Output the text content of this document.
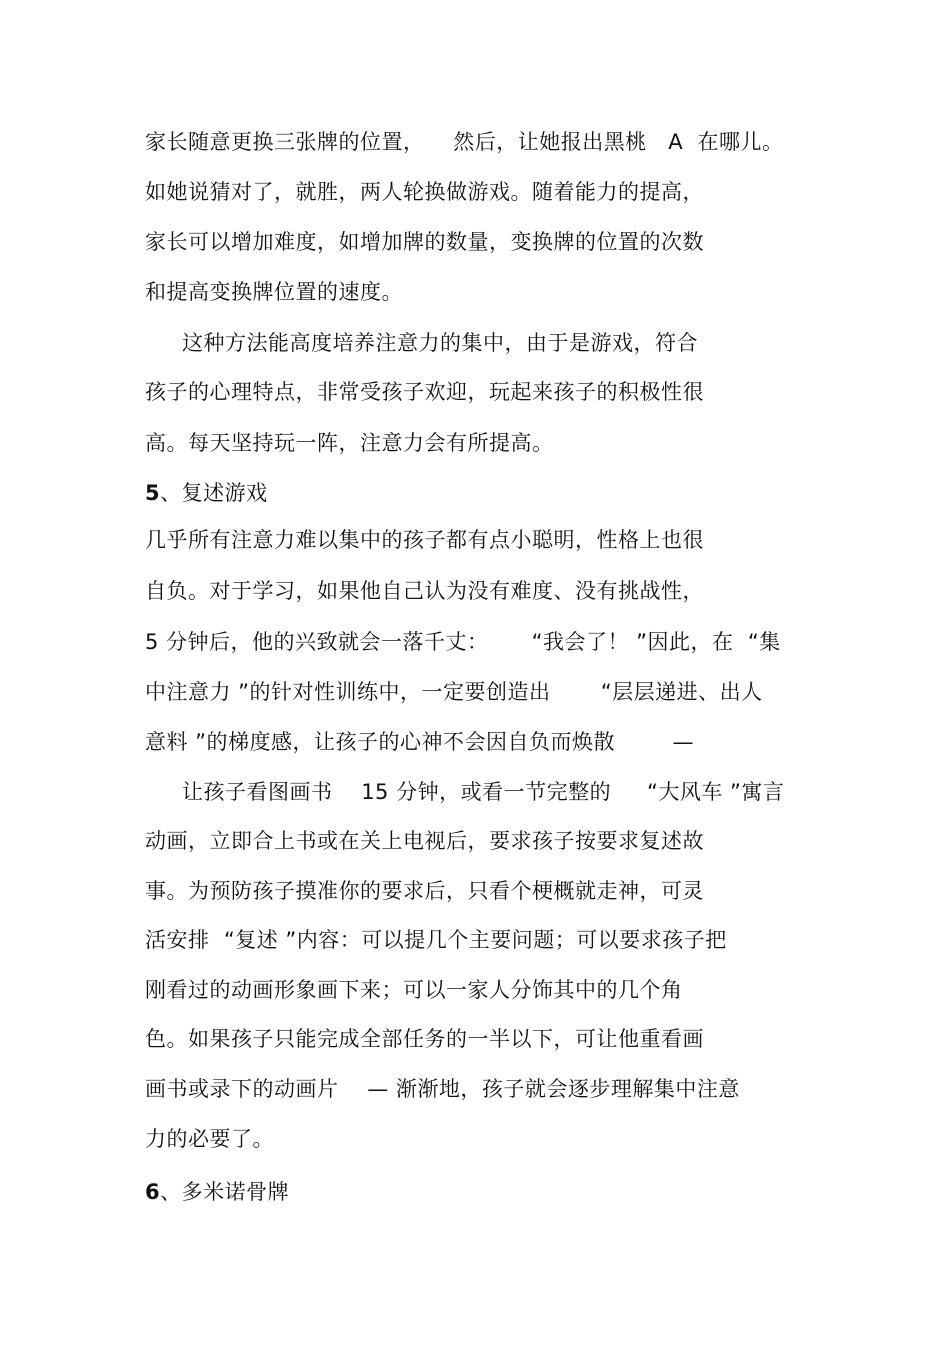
家长随意更换三张牌的位置，    然后，让她报出黑桃   A  在哪儿。
如她说猜对了，就胜，两人轮换做游戏。随着能力的提高，
家长可以增加难度，如增加牌的数量，变换牌的位置的次数
和提高变换牌位置的速度。
这种方法能高度培养注意力的集中，由于是游戏，符合
孩子的心理特点，非常受孩子欢迎，玩起来孩子的积极性很
高。每天坚持玩一阵，注意力会有所提高。
5、复述游戏
几乎所有注意力难以集中的孩子都有点小聪明，性格上也很
自负。对于学习，如果他自己认为没有难度、没有挑战性，
5 分钟后，他的兴致就会一落千丈：      “我会了！ ”因此，在  “集
中注意力 ”的针对性训练中，一定要创造出       “层层递进、出人
意料 ”的梯度感，让孩子的心神不会因自负而焕散        —
让孩子看图画书    15 分钟，或看一节完整的     “大风车 ”寓言
动画，立即合上书或在关上电视后，要求孩子按要求复述故
事。为预防孩子摸准你的要求后，只看个梗概就走神，可灵
活安排  “复述 ”内容：可以提几个主要问题；可以要求孩子把
刚看过的动画形象画下来；可以一家人分饰其中的几个角
色。如果孩子只能完成全部任务的一半以下，可让他重看画
画书或录下的动画片    — 渐渐地，孩子就会逐步理解集中注意
力的必要了。
6、多米诺骨牌
